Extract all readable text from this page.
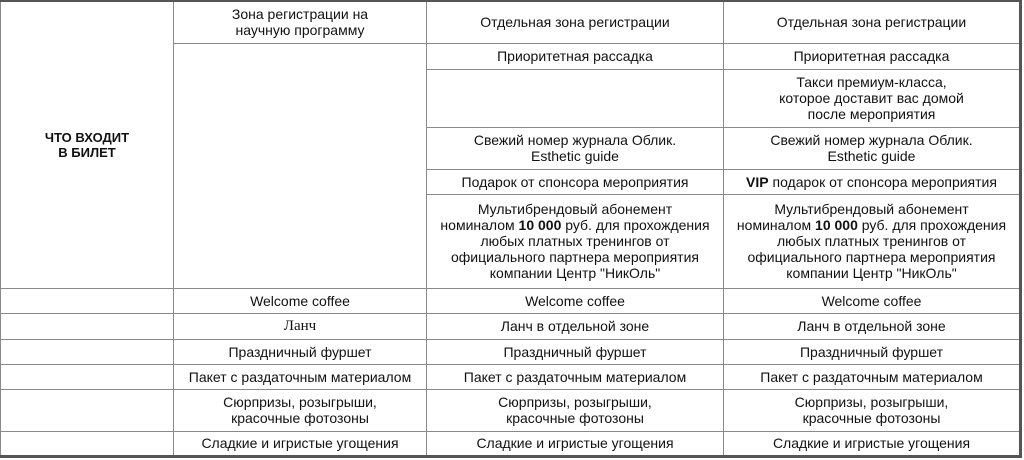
ЧТО ВХОДИТ
В БИЛЕТ	Зона регистрации на
научную программу	Отдельная зона регистрации	Отдельная зона регистрации
		Приоритетная рассадка	Приоритетная рассадка
			Такси премиум-класса,
которое доставит вас домой
после мероприятия
		Свежий номер журнала Облик.
Esthetic guide	Свежий номер журнала Облик.
Esthetic guide
		Подарок от спонсора мероприятия	VIP подарок от спонсора мероприятия
		Мультибрендовый абонемент
номиналом 10 000 руб. для прохождения
любых платных тренингов от
официального партнера мероприятия
компании Центр "НикОль"	Мультибрендовый абонемент
номиналом 10 000 руб. для прохождения
любых платных тренингов от
официального партнера мероприятия
компании Центр "НикОль"
	Welcome coffee	Welcome coffee	Welcome coffee
	Ланч	Ланч в отдельной зоне	Ланч в отдельной зоне
	Праздничный фуршет	Праздничный фуршет	Праздничный фуршет
	Пакет с раздаточным материалом	Пакет с раздаточным материалом	Пакет с раздаточным материалом
	Сюрпризы, розыгрыши,
красочные фотозоны	Сюрпризы, розыгрыши,
красочные фотозоны	Сюрпризы, розыгрыши,
красочные фотозоны
	Сладкие и игристые угощения	Сладкие и игристые угощения	Сладкие и игристые угощения
